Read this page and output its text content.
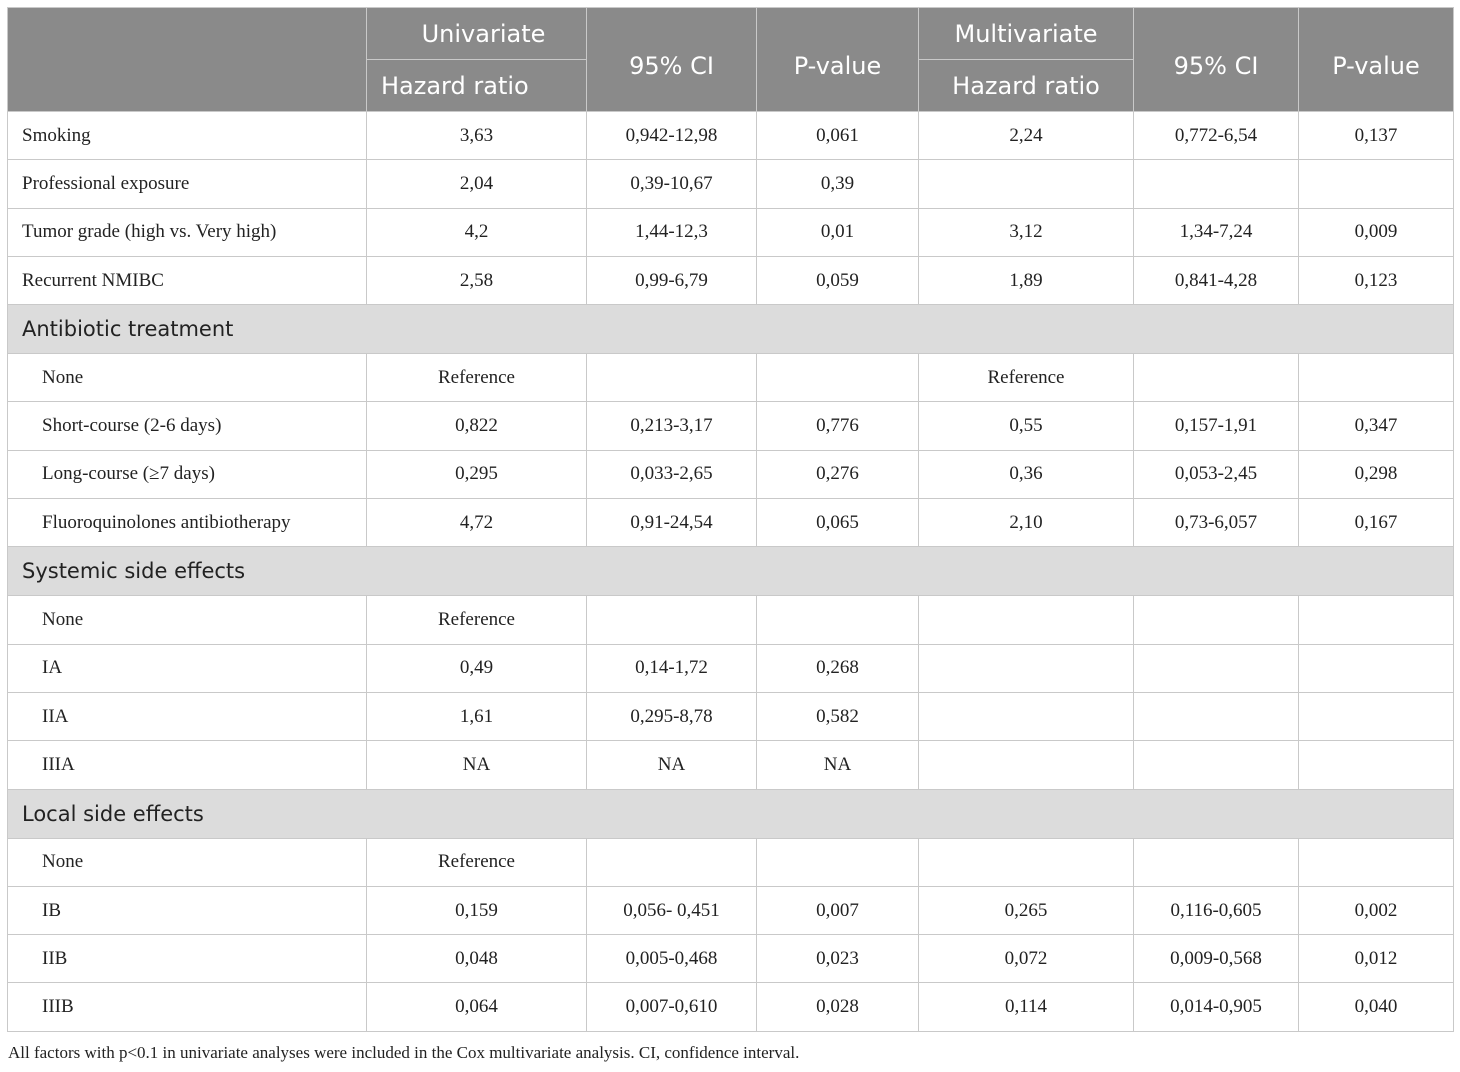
	Univariate	95% CI	P-value	Multivariate	95% CI	P-value
	Hazard ratio			Hazard ratio		
Smoking	3,63	0,942-12,98	0,061	2,24	0,772-6,54	0,137
Professional exposure	2,04	0,39-10,67	0,39			
Tumor grade (high vs. Very high)	4,2	1,44-12,3	0,01	3,12	1,34-7,24	0,009
Recurrent NMIBC	2,58	0,99-6,79	0,059	1,89	0,841-4,28	0,123
Antibiotic treatment						
None	Reference			Reference		
Short-course (2-6 days)	0,822	0,213-3,17	0,776	0,55	0,157-1,91	0,347
Long-course (≥7 days)	0,295	0,033-2,65	0,276	0,36	0,053-2,45	0,298
Fluoroquinolones antibiotherapy	4,72	0,91-24,54	0,065	2,10	0,73-6,057	0,167
Systemic side effects						
None	Reference					
IA	0,49	0,14-1,72	0,268			
IIA	1,61	0,295-8,78	0,582			
IIIA	NA	NA	NA			
Local side effects						
None	Reference					
IB	0,159	0,056- 0,451	0,007	0,265	0,116-0,605	0,002
IIB	0,048	0,005-0,468	0,023	0,072	0,009-0,568	0,012
IIIB	0,064	0,007-0,610	0,028	0,114	0,014-0,905	0,040
All factors with p<0.1 in univariate analyses were included in the Cox multivariate analysis. CI, confidence interval.
